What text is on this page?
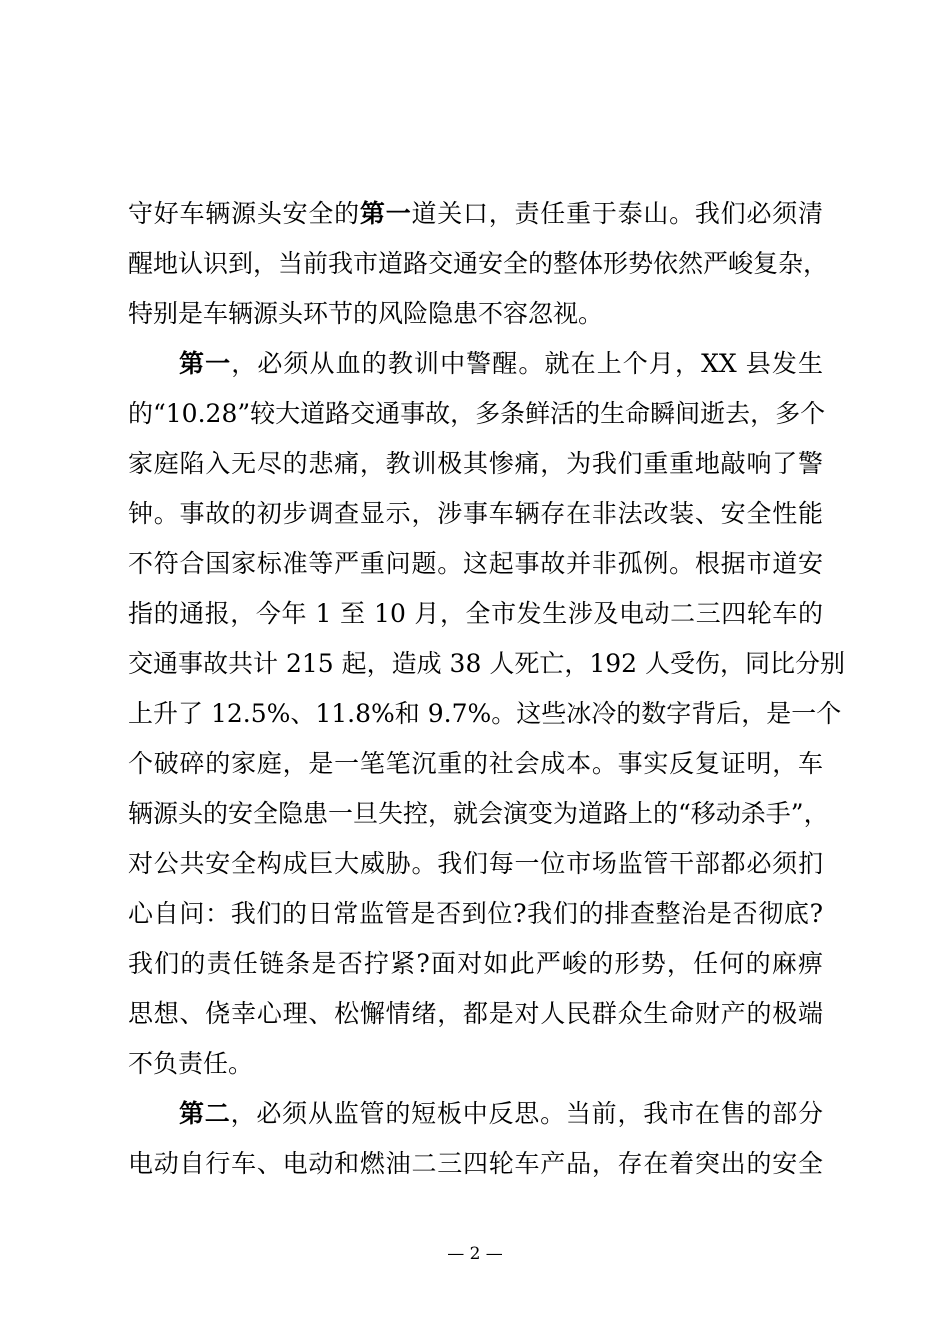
守好车辆源头安全的第一道关口，责任重于泰山。我们必须清
醒地认识到，当前我市道路交通安全的整体形势依然严峻复杂，
特别是车辆源头环节的风险隐患不容忽视。
第一，必须从血的教训中警醒。就在上个月，XX 县发生
的“10.28”较大道路交通事故，多条鲜活的生命瞬间逝去，多个
家庭陷入无尽的悲痛，教训极其惨痛，为我们重重地敲响了警
钟。事故的初步调查显示，涉事车辆存在非法改装、安全性能
不符合国家标准等严重问题。这起事故并非孤例。根据市道安
指的通报，今年 1 至 10 月，全市发生涉及电动二三四轮车的
交通事故共计 215 起，造成 38 人死亡，192 人受伤，同比分别
上升了 12.5%、11.8%和 9.7%。这些冰冷的数字背后，是一个
个破碎的家庭，是一笔笔沉重的社会成本。事实反复证明，车
辆源头的安全隐患一旦失控，就会演变为道路上的“移动杀手”，
对公共安全构成巨大威胁。我们每一位市场监管干部都必须扪
心自问：我们的日常监管是否到位?我们的排查整治是否彻底?
我们的责任链条是否拧紧?面对如此严峻的形势，任何的麻痹
思想、侥幸心理、松懈情绪，都是对人民群众生命财产的极端
不负责任。
第二，必须从监管的短板中反思。当前，我市在售的部分
电动自行车、电动和燃油二三四轮车产品，存在着突出的安全
— 2 —
